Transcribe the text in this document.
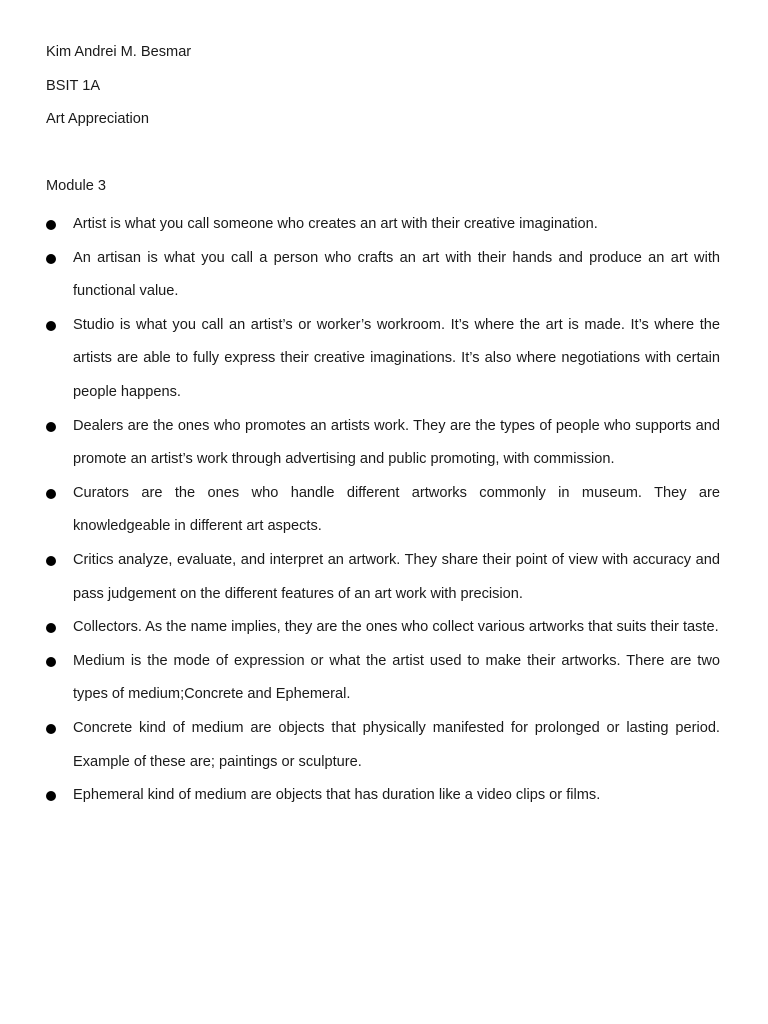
Kim Andrei M. Besmar
BSIT 1A
Art Appreciation
Module 3
Artist is what you call someone who creates an art with their creative imagination.
An artisan is what you call a person who crafts an art with their hands and produce an art with functional value.
Studio is what you call an artist’s or worker’s workroom. It’s where the art is made. It’s where the artists are able to fully express their creative imaginations. It’s also where negotiations with certain people happens.
Dealers are the ones who promotes an artists work. They are the types of people who supports and promote an artist’s work through advertising and public promoting, with commission.
Curators are the ones who handle different artworks commonly in museum. They are knowledgeable in different art aspects.
Critics analyze, evaluate, and interpret an artwork. They share their point of view with accuracy and pass judgement on the different features of an art work with precision.
Collectors. As the name implies, they are the ones who collect various artworks that suits their taste.
Medium is the mode of expression or what the artist used to make their artworks. There are two types of medium;Concrete and Ephemeral.
Concrete kind of medium are objects that physically manifested for prolonged or lasting period. Example of these are; paintings or sculpture.
Ephemeral kind of medium are objects that has duration like a video clips or films.
